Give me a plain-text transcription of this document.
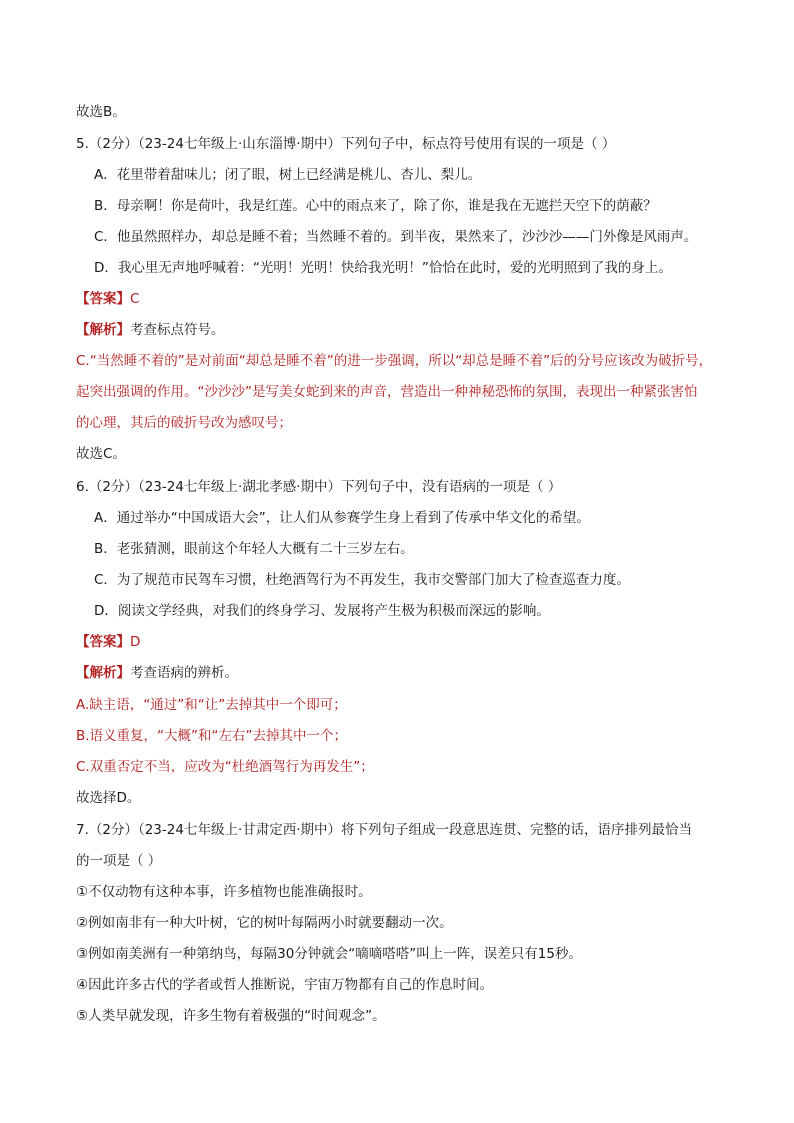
故选B。
5.（2分）（23-24七年级上·山东淄博·期中）下列句子中，标点符号使用有误的一项是（ ）
A．花里带着甜味儿；闭了眼，树上已经满是桃儿、杏儿、梨儿。
B．母亲啊！你是荷叶，我是红莲。心中的雨点来了，除了你，谁是我在无遮拦天空下的荫蔽？
C．他虽然照样办，却总是睡不着；当然睡不着的。到半夜，果然来了，沙沙沙——门外像是风雨声。
D．我心里无声地呼喊着：“光明！光明！快给我光明！”恰恰在此时，爱的光明照到了我的身上。
【答案】C
【解析】考查标点符号。
C.“当然睡不着的”是对前面“却总是睡不着”的进一步强调，所以“却总是睡不着”后的分号应该改为破折号，
起突出强调的作用。“沙沙沙”是写美女蛇到来的声音，营造出一种神秘恐怖的氛围，表现出一种紧张害怕
的心理，其后的破折号改为感叹号；
故选C。
6.（2分）（23-24七年级上·湖北孝感·期中）下列句子中，没有语病的一项是（ ）
A．通过举办“中国成语大会”，让人们从参赛学生身上看到了传承中华文化的希望。
B．老张猜测，眼前这个年轻人大概有二十三岁左右。
C．为了规范市民驾车习惯，杜绝酒驾行为不再发生，我市交警部门加大了检查巡查力度。
D．阅读文学经典，对我们的终身学习、发展将产生极为积极而深远的影响。
【答案】D
【解析】考查语病的辨析。
A.缺主语，“通过”和“让”去掉其中一个即可；
B.语义重复，“大概”和“左右”去掉其中一个；
C.双重否定不当，应改为“杜绝酒驾行为再发生”；
故选择D。
7.（2分）（23-24七年级上·甘肃定西·期中）将下列句子组成一段意思连贯、完整的话，语序排列最恰当
的一项是（ ）
①不仅动物有这种本事，许多植物也能准确报时。
②例如南非有一种大叶树，它的树叶每隔两小时就要翻动一次。
③例如南美洲有一种第纳鸟，每隔30分钟就会“嘀嘀嗒嗒”叫上一阵，误差只有15秒。
④因此许多古代的学者或哲人推断说，宇宙万物都有自己的作息时间。
⑤人类早就发现，许多生物有着极强的“时间观念”。
